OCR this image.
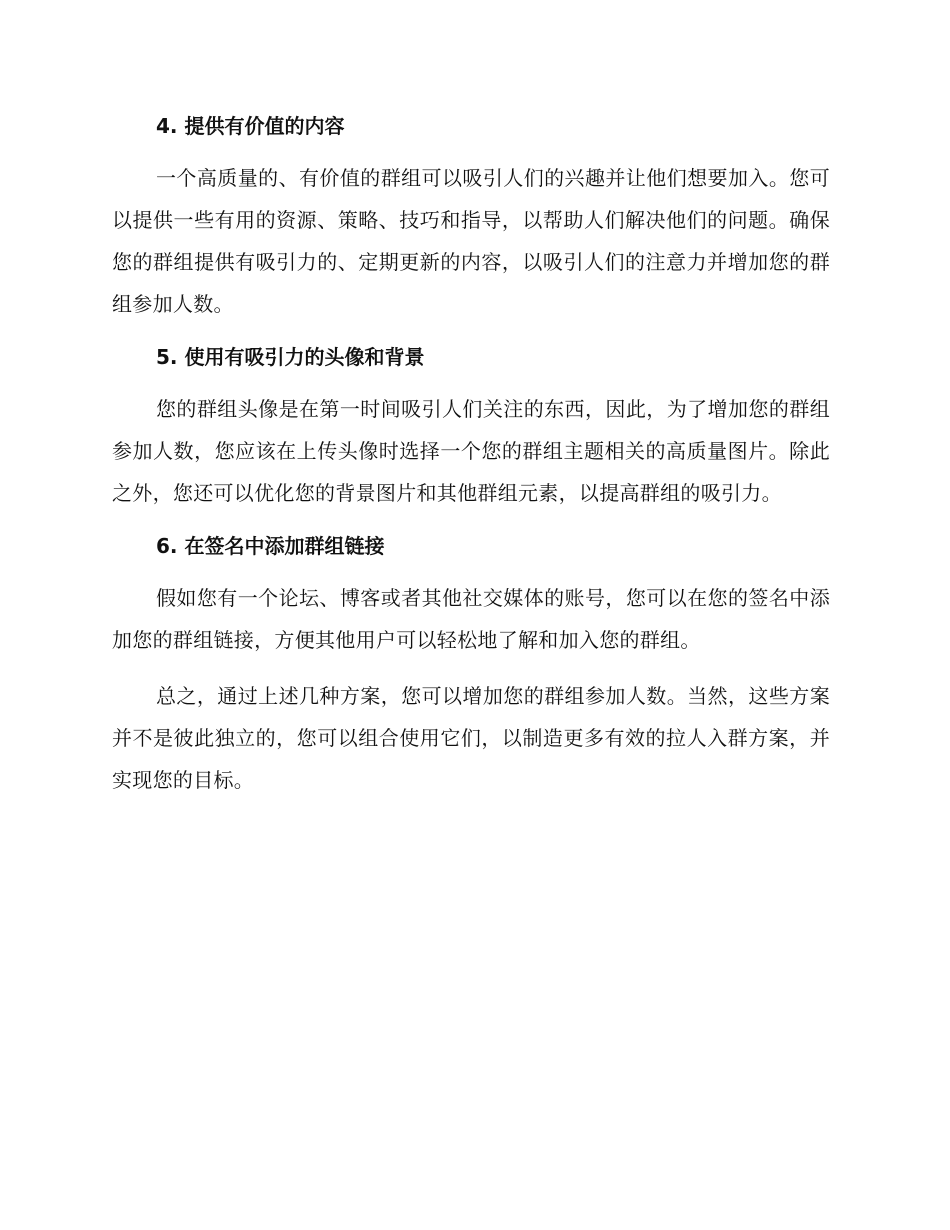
4. 提供有价值的内容

一个高质量的、有价值的群组可以吸引人们的兴趣并让他们想要加入。您可以提供一些有用的资源、策略、技巧和指导，以帮助人们解决他们的问题。确保您的群组提供有吸引力的、定期更新的内容，以吸引人们的注意力并增加您的群组参加人数。

5. 使用有吸引力的头像和背景

您的群组头像是在第一时间吸引人们关注的东西，因此，为了增加您的群组参加人数，您应该在上传头像时选择一个您的群组主题相关的高质量图片。除此之外，您还可以优化您的背景图片和其他群组元素，以提高群组的吸引力。

6. 在签名中添加群组链接

假如您有一个论坛、博客或者其他社交媒体的账号，您可以在您的签名中添加您的群组链接，方便其他用户可以轻松地了解和加入您的群组。

总之，通过上述几种方案，您可以增加您的群组参加人数。当然，这些方案并不是彼此独立的，您可以组合使用它们，以制造更多有效的拉人入群方案，并实现您的目标。
